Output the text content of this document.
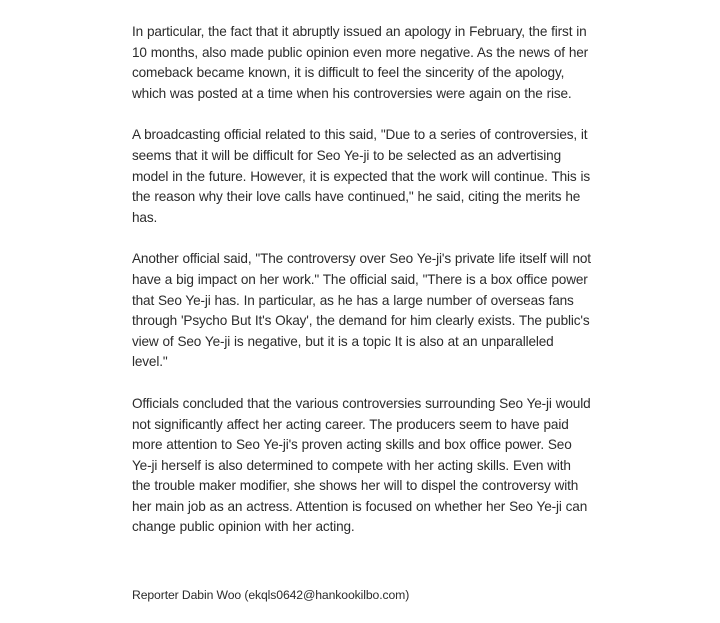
In particular, the fact that it abruptly issued an apology in February, the first in 10 months, also made public opinion even more negative. As the news of her comeback became known, it is difficult to feel the sincerity of the apology, which was posted at a time when his controversies were again on the rise.

A broadcasting official related to this said, "Due to a series of controversies, it seems that it will be difficult for Seo Ye-ji to be selected as an advertising model in the future. However, it is expected that the work will continue. This is the reason why their love calls have continued," he said, citing the merits he has.

Another official said, "The controversy over Seo Ye-ji's private life itself will not have a big impact on her work." The official said, "There is a box office power that Seo Ye-ji has. In particular, as he has a large number of overseas fans through 'Psycho But It's Okay', the demand for him clearly exists. The public's view of Seo Ye-ji is negative, but it is a topic It is also at an unparalleled level."

Officials concluded that the various controversies surrounding Seo Ye-ji would not significantly affect her acting career. The producers seem to have paid more attention to Seo Ye-ji's proven acting skills and box office power. Seo Ye-ji herself is also determined to compete with her acting skills. Even with the trouble maker modifier, she shows her will to dispel the controversy with her main job as an actress. Attention is focused on whether her Seo Ye-ji can change public opinion with her acting.

Reporter Dabin Woo (ekqls0642@hankookilbo.com)
